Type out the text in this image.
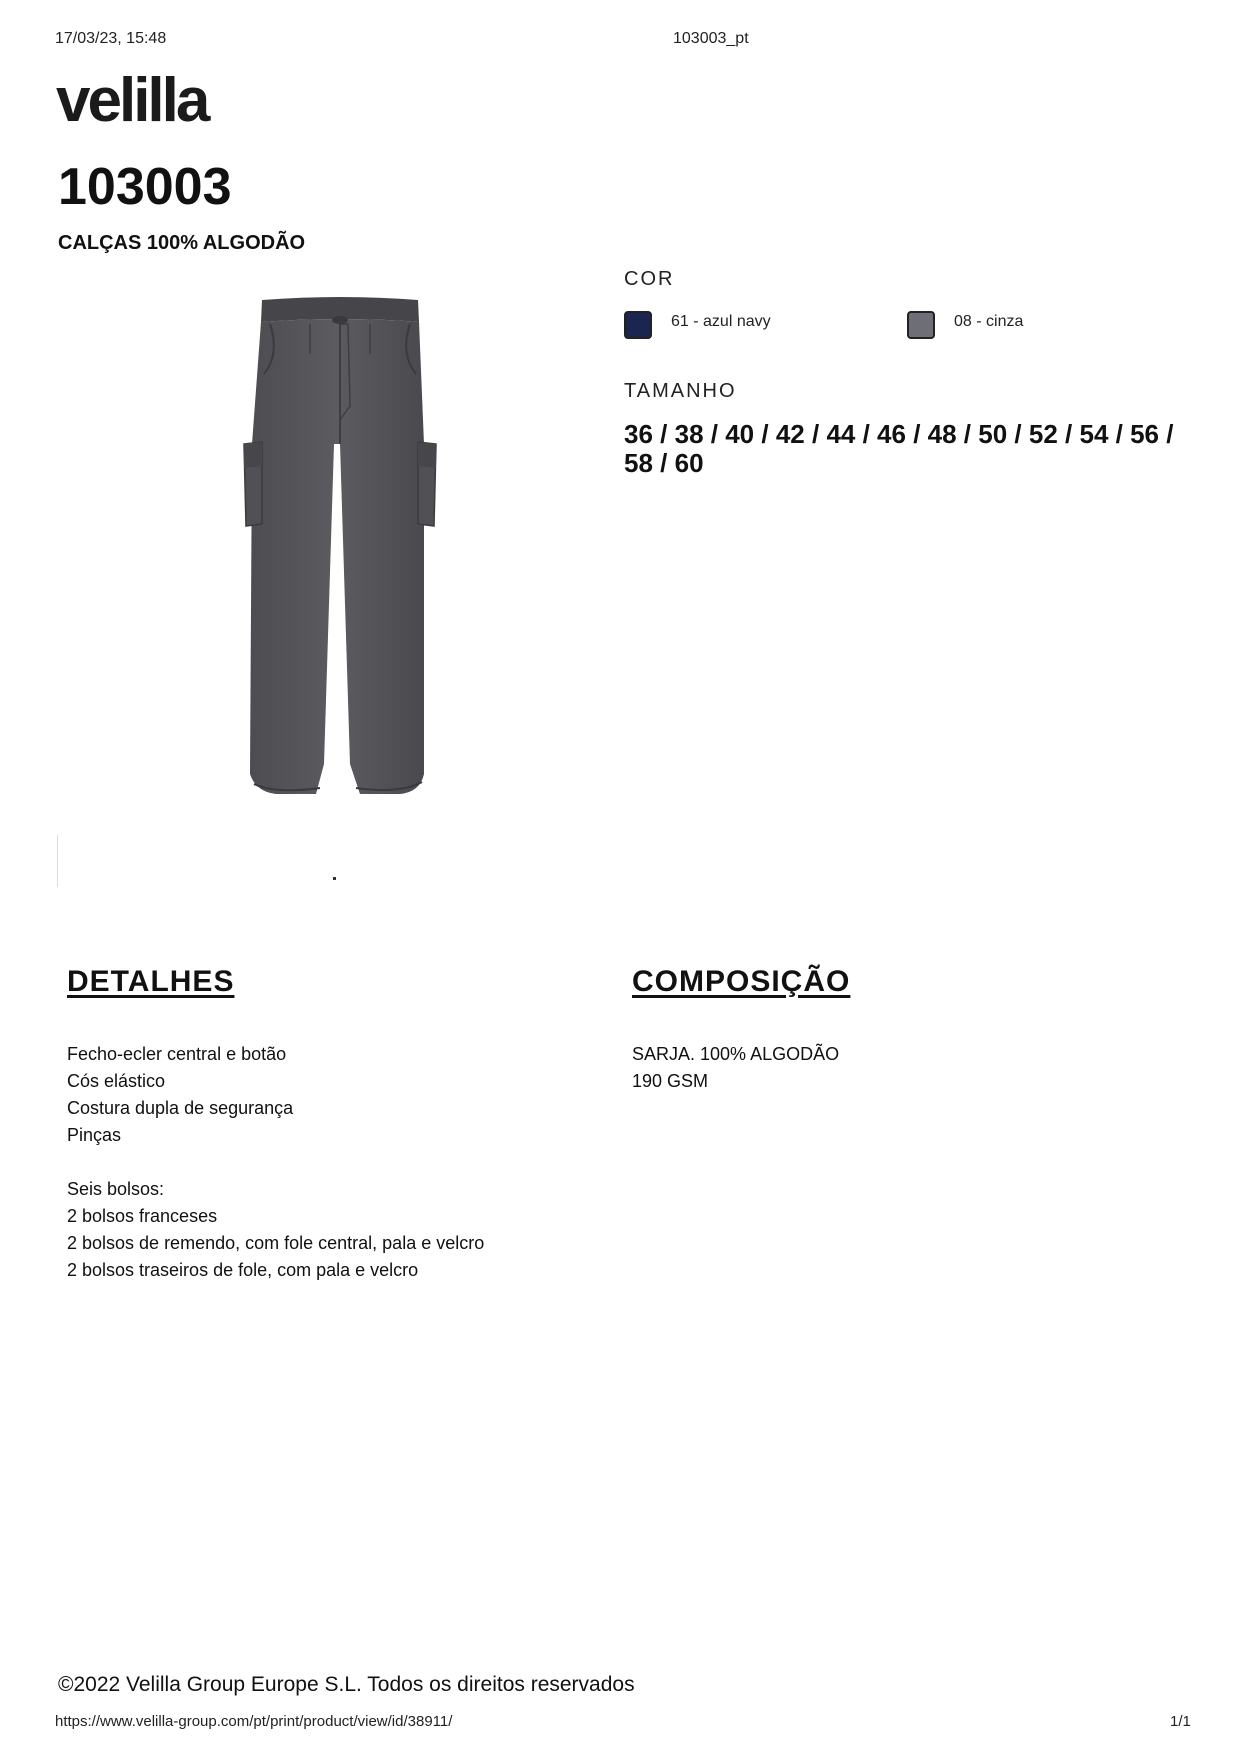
17/03/23, 15:48	103003_pt
velilla
103003
CALÇAS 100% ALGODÃO
COR
61 - azul navy	08 - cinza
TAMANHO
36 / 38 / 40 / 42 / 44 / 46 / 48 / 50 / 52 / 54 / 56 / 58 / 60
DETALHES
Fecho-ecler central e botão
Cós elástico
Costura dupla de segurança
Pinças
Seis bolsos:
2 bolsos franceses
2 bolsos de remendo, com fole central, pala e velcro
2 bolsos traseiros de fole, com pala e velcro
COMPOSIÇÃO
SARJA. 100% ALGODÃO
190 GSM
©2022 Velilla Group Europe S.L. Todos os direitos reservados
https://www.velilla-group.com/pt/print/product/view/id/38911/	1/1
